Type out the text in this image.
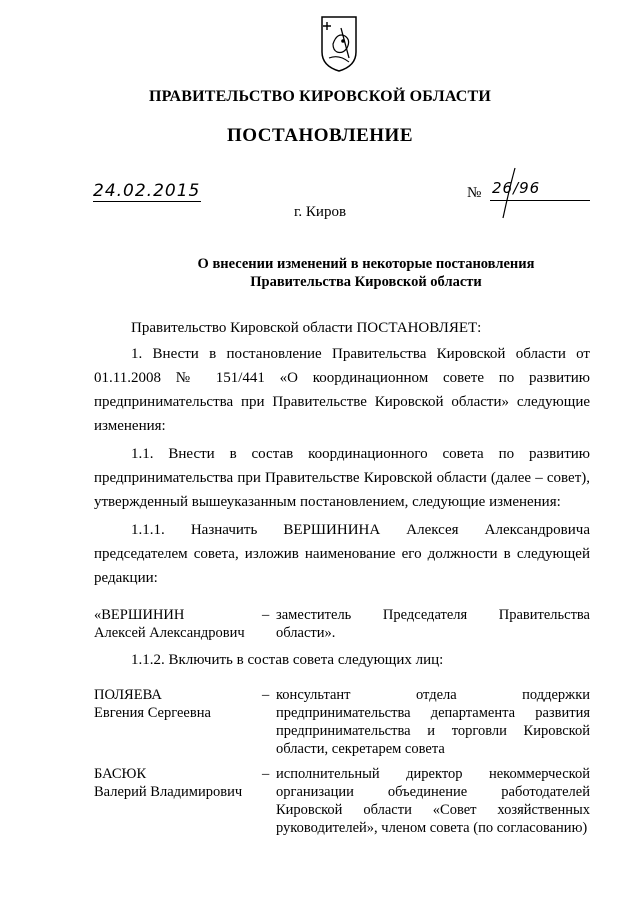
ПРАВИТЕЛЬСТВО КИРОВСКОЙ ОБЛАСТИ
ПОСТАНОВЛЕНИЕ
24.02.2015	№ 26/96
г. Киров
О внесении изменений в некоторые постановления
Правительства Кировской области

Правительство Кировской области ПОСТАНОВЛЯЕТ:

1. Внести в постановление Правительства Кировской области от 01.11.2008 № 151/441 «О координационном совете по развитию предпринимательства при Правительстве Кировской области» следующие изменения:

1.1. Внести в состав координационного совета по развитию предпринимательства при Правительстве Кировской области (далее – совет), утвержденный вышеуказанным постановлением, следующие изменения:

1.1.1. Назначить ВЕРШИНИНА Алексея Александровича председателем совета, изложив наименование его должности в следующей редакции:

«ВЕРШИНИН
Алексей Александрович
– заместитель Председателя Правительства области».

1.1.2. Включить в состав совета следующих лиц:

ПОЛЯЕВА
Евгения Сергеевна
– консультант отдела поддержки предпринимательства департамента развития предпринимательства и торговли Кировской области, секретарем совета
БАСЮК
Валерий Владимирович
– исполнительный директор некоммерческой организации объединение работодателей Кировской области «Совет хозяйственных руководителей», членом совета (по согласованию)
